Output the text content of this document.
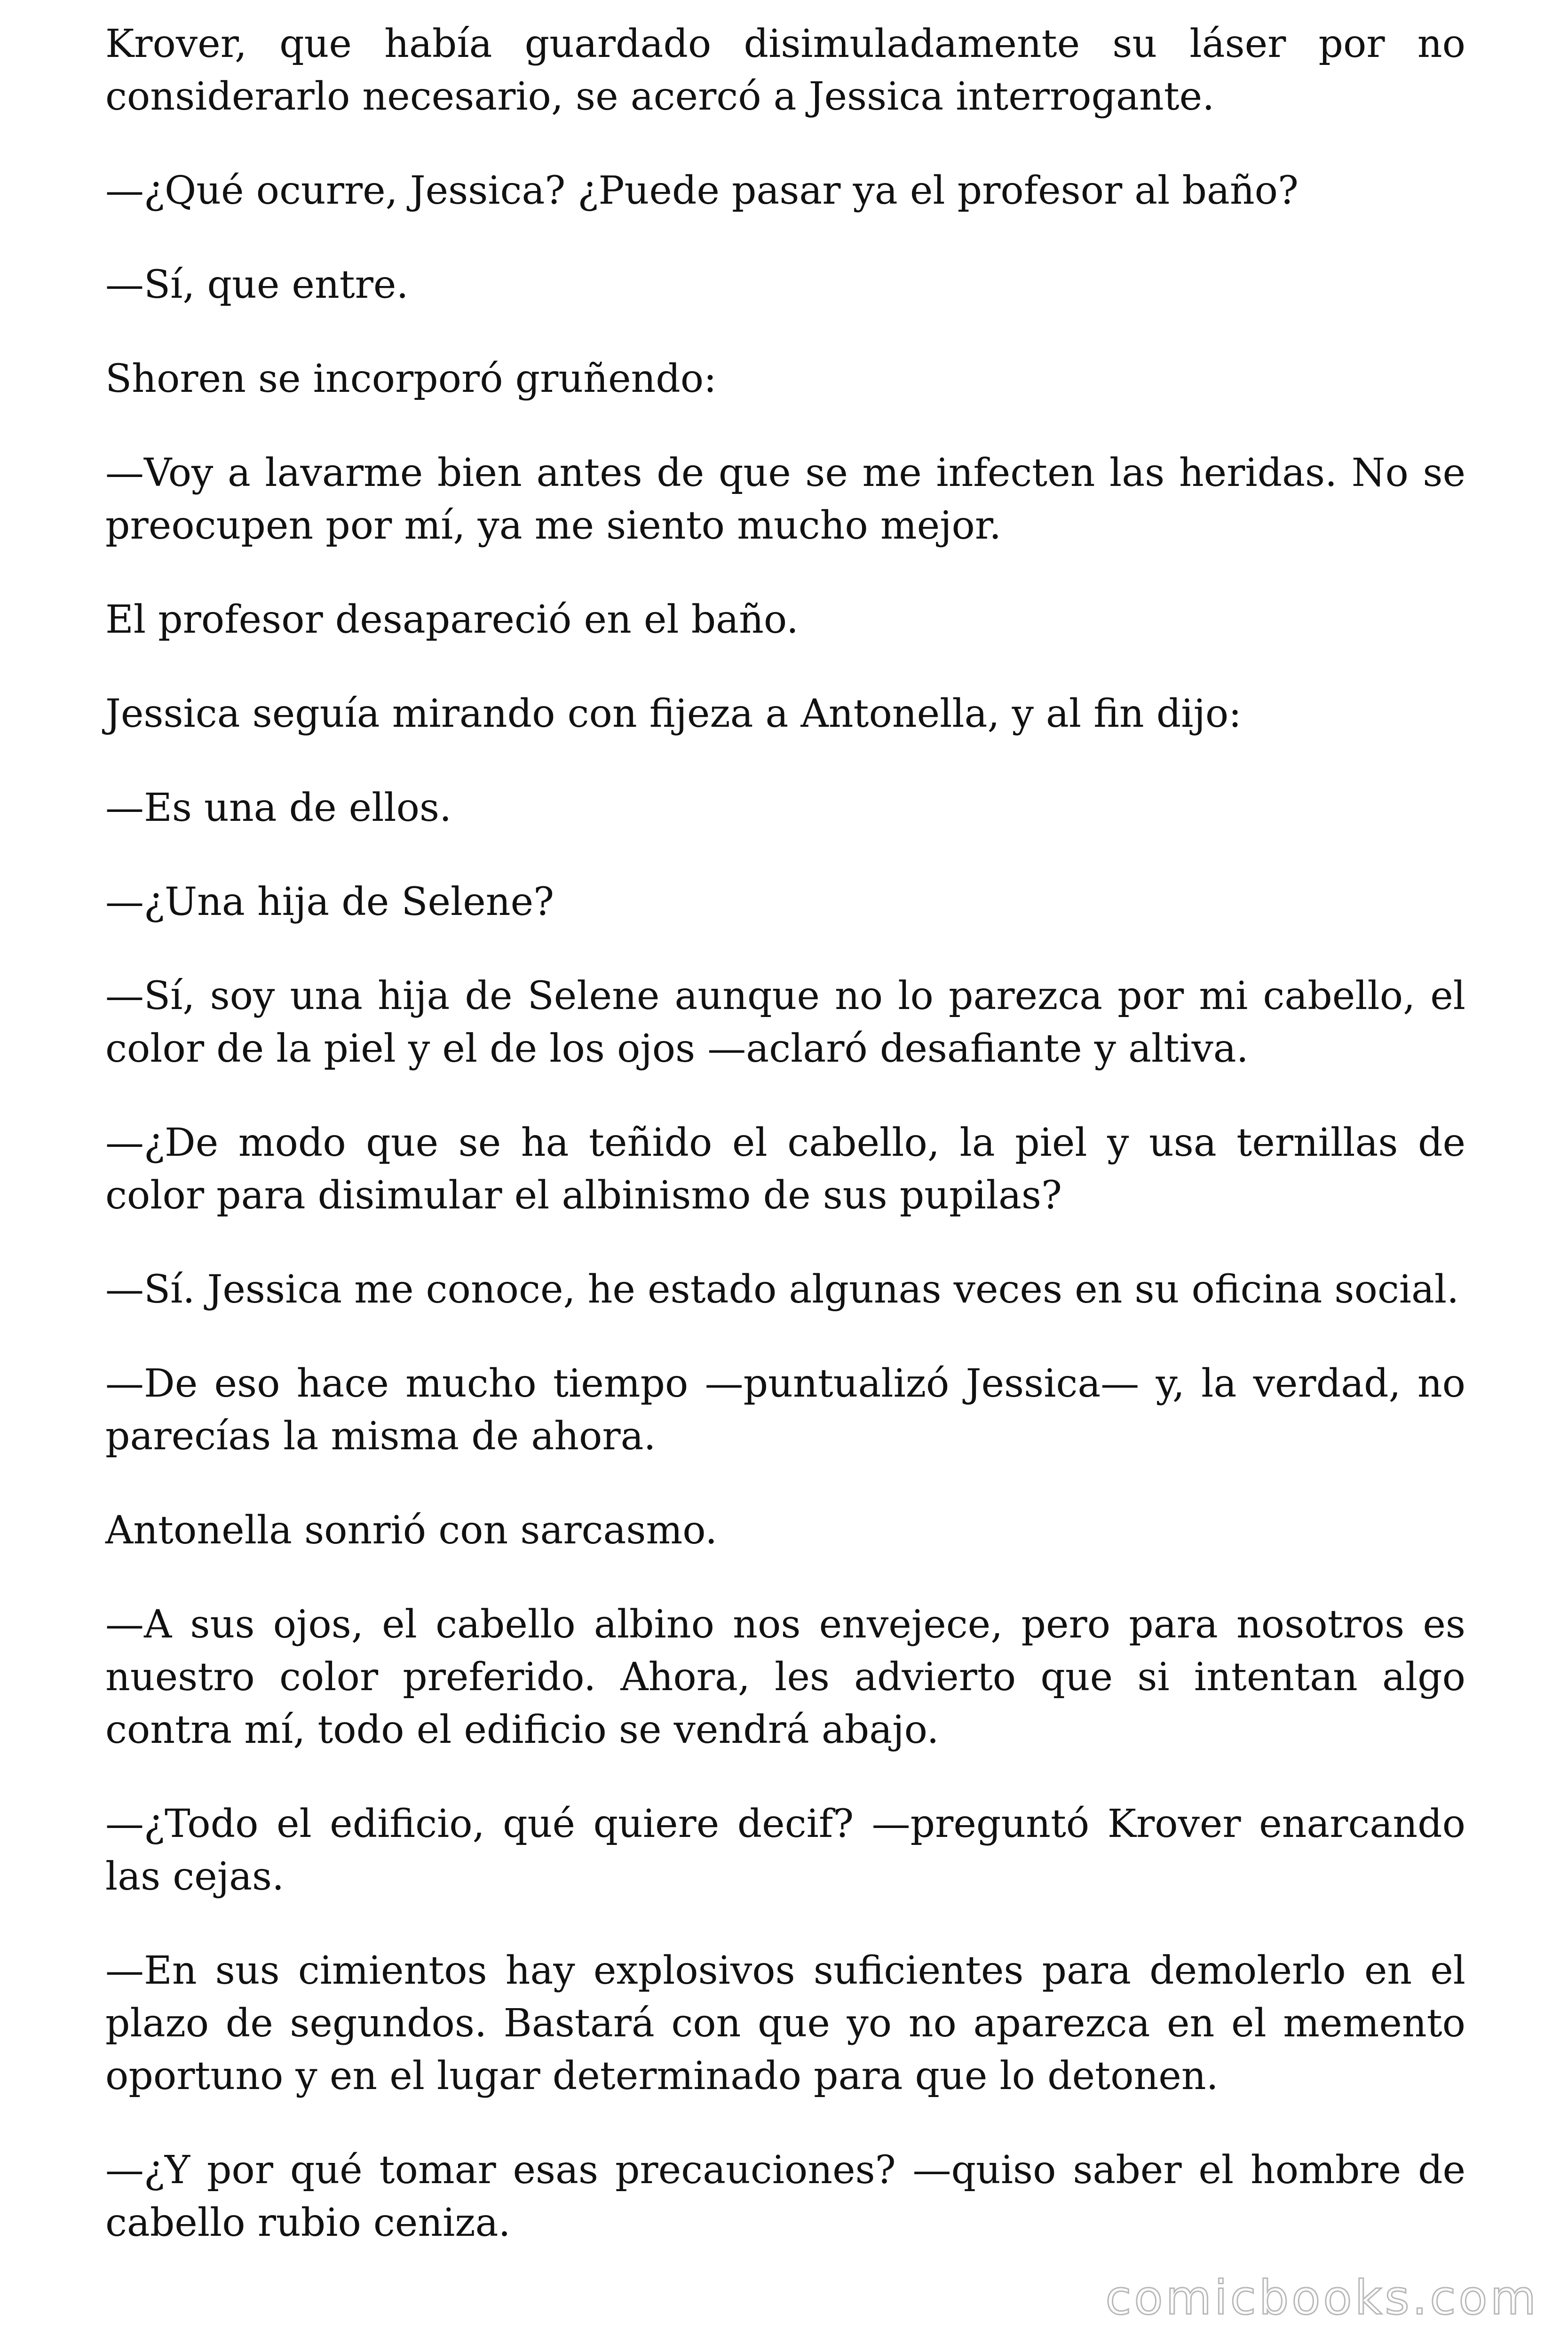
Krover, que había guardado disimuladamente su láser por no considerarlo necesario, se acercó a Jessica interrogante.

—¿Qué ocurre, Jessica? ¿Puede pasar ya el profesor al baño?

—Sí, que entre.

Shoren se incorporó gruñendo:

—Voy a lavarme bien antes de que se me infecten las heridas. No se preocupen por mí, ya me siento mucho mejor.

El profesor desapareció en el baño.

Jessica seguía mirando con fijeza a Antonella, y al fin dijo:

—Es una de ellos.

—¿Una hija de Selene?

—Sí, soy una hija de Selene aunque no lo parezca por mi cabello, el color de la piel y el de los ojos —aclaró desafiante y altiva.

—¿De modo que se ha teñido el cabello, la piel y usa ternillas de color para disimular el albinismo de sus pupilas?

—Sí. Jessica me conoce, he estado algunas veces en su oficina social.

—De eso hace mucho tiempo —puntualizó Jessica— y, la verdad, no parecías la misma de ahora.

Antonella sonrió con sarcasmo.

—A sus ojos, el cabello albino nos envejece, pero para nosotros es nuestro color preferido. Ahora, les advierto que si intentan algo contra mí, todo el edificio se vendrá abajo.

—¿Todo el edificio, qué quiere decif? —preguntó Krover enarcando las cejas.

—En sus cimientos hay explosivos suficientes para demolerlo en el plazo de segundos. Bastará con que yo no aparezca en el memento oportuno y en el lugar determinado para que lo detonen.

—¿Y por qué tomar esas precauciones? —quiso saber el hombre de cabello rubio ceniza.

comicbooks.com
